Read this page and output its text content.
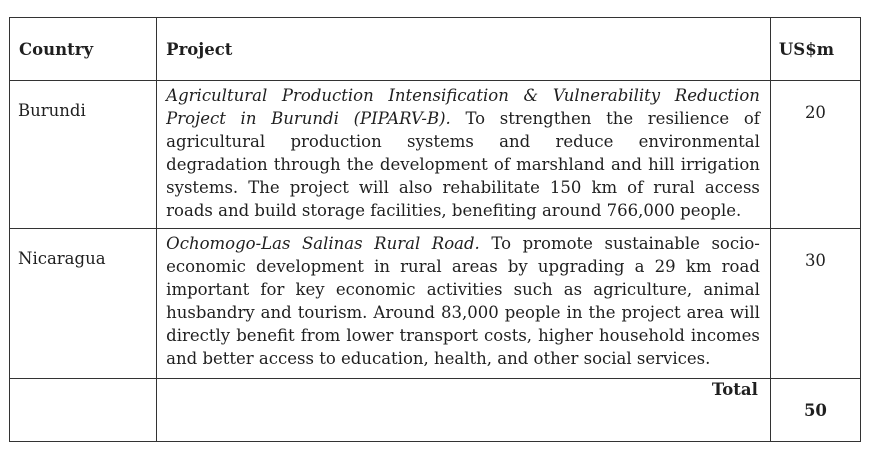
Country	Project	US$m
Burundi	Agricultural Production Intensification & Vulnerability Reduction Project in Burundi (PIPARV-B). To strengthen the resilience of agricultural production systems and reduce environmental degradation through the development of marshland and hill irrigation systems. The project will also rehabilitate 150 km of rural access roads and build storage facilities, benefiting around 766,000 people.	20
Nicaragua	Ochomogo-Las Salinas Rural Road. To promote sustainable socio-economic development in rural areas by upgrading a 29 km road important for key economic activities such as agriculture, animal husbandry and tourism. Around 83,000 people in the project area will directly benefit from lower transport costs, higher household incomes and better access to education, health, and other social services.	30
	Total	50
